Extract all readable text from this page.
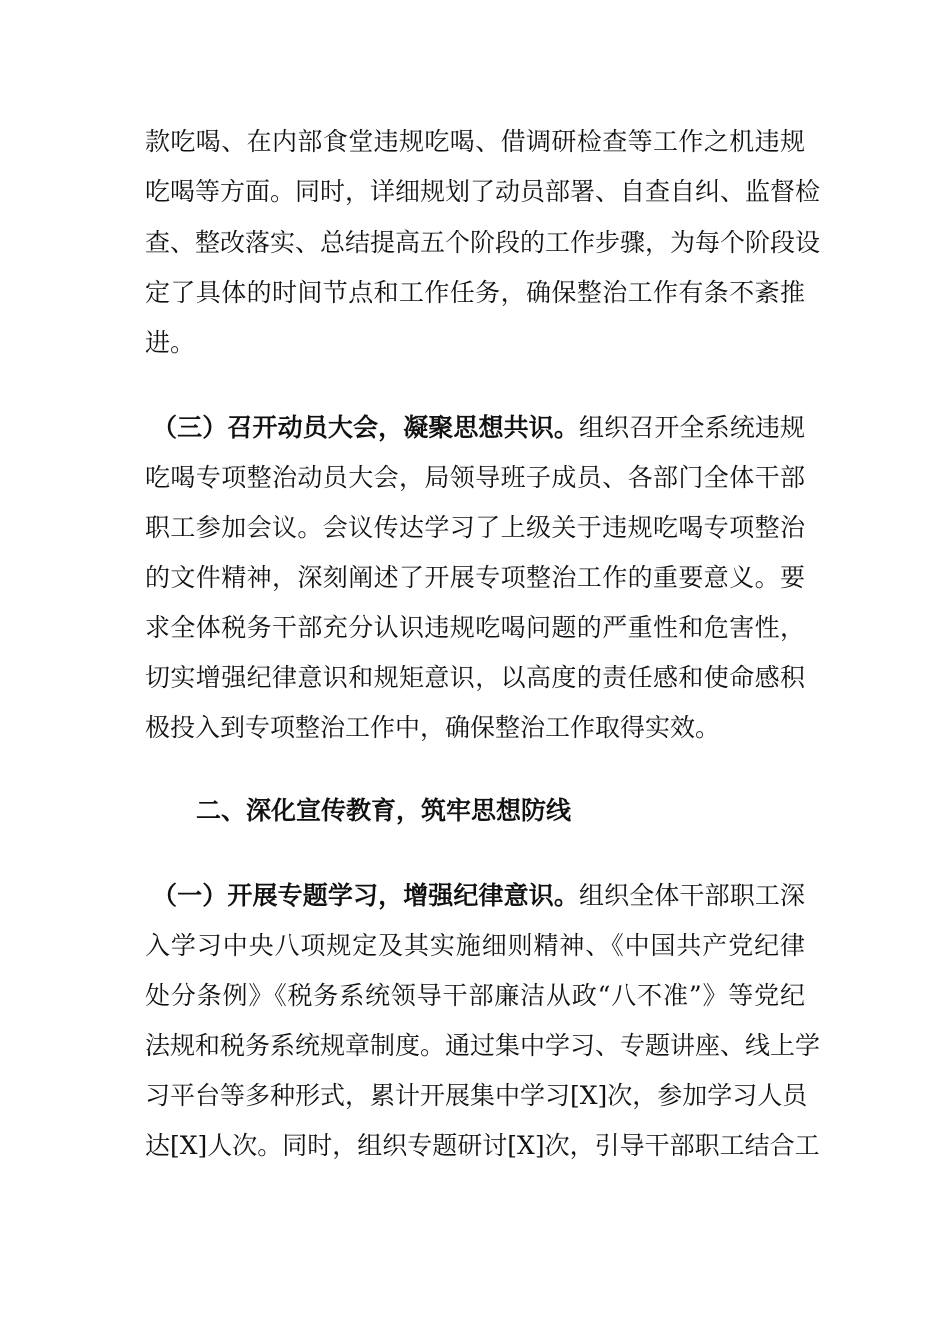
款吃喝、在内部食堂违规吃喝、借调研检查等工作之机违规
吃喝等方面。同时，详细规划了动员部署、自查自纠、监督检
查、整改落实、总结提高五个阶段的工作步骤，为每个阶段设
定了具体的时间节点和工作任务，确保整治工作有条不紊推
进。
（三）召开动员大会，凝聚思想共识。组织召开全系统违规
吃喝专项整治动员大会，局领导班子成员、各部门全体干部
职工参加会议。会议传达学习了上级关于违规吃喝专项整治
的文件精神，深刻阐述了开展专项整治工作的重要意义。要
求全体税务干部充分认识违规吃喝问题的严重性和危害性，
切实增强纪律意识和规矩意识，以高度的责任感和使命感积
极投入到专项整治工作中，确保整治工作取得实效。
二、深化宣传教育，筑牢思想防线
（一）开展专题学习，增强纪律意识。组织全体干部职工深
入学习中央八项规定及其实施细则精神、《中国共产党纪律
处分条例》《税务系统领导干部廉洁从政“八不准”》等党纪
法规和税务系统规章制度。通过集中学习、专题讲座、线上学
习平台等多种形式，累计开展集中学习[X]次，参加学习人员
达[X]人次。同时，组织专题研讨[X]次，引导干部职工结合工
